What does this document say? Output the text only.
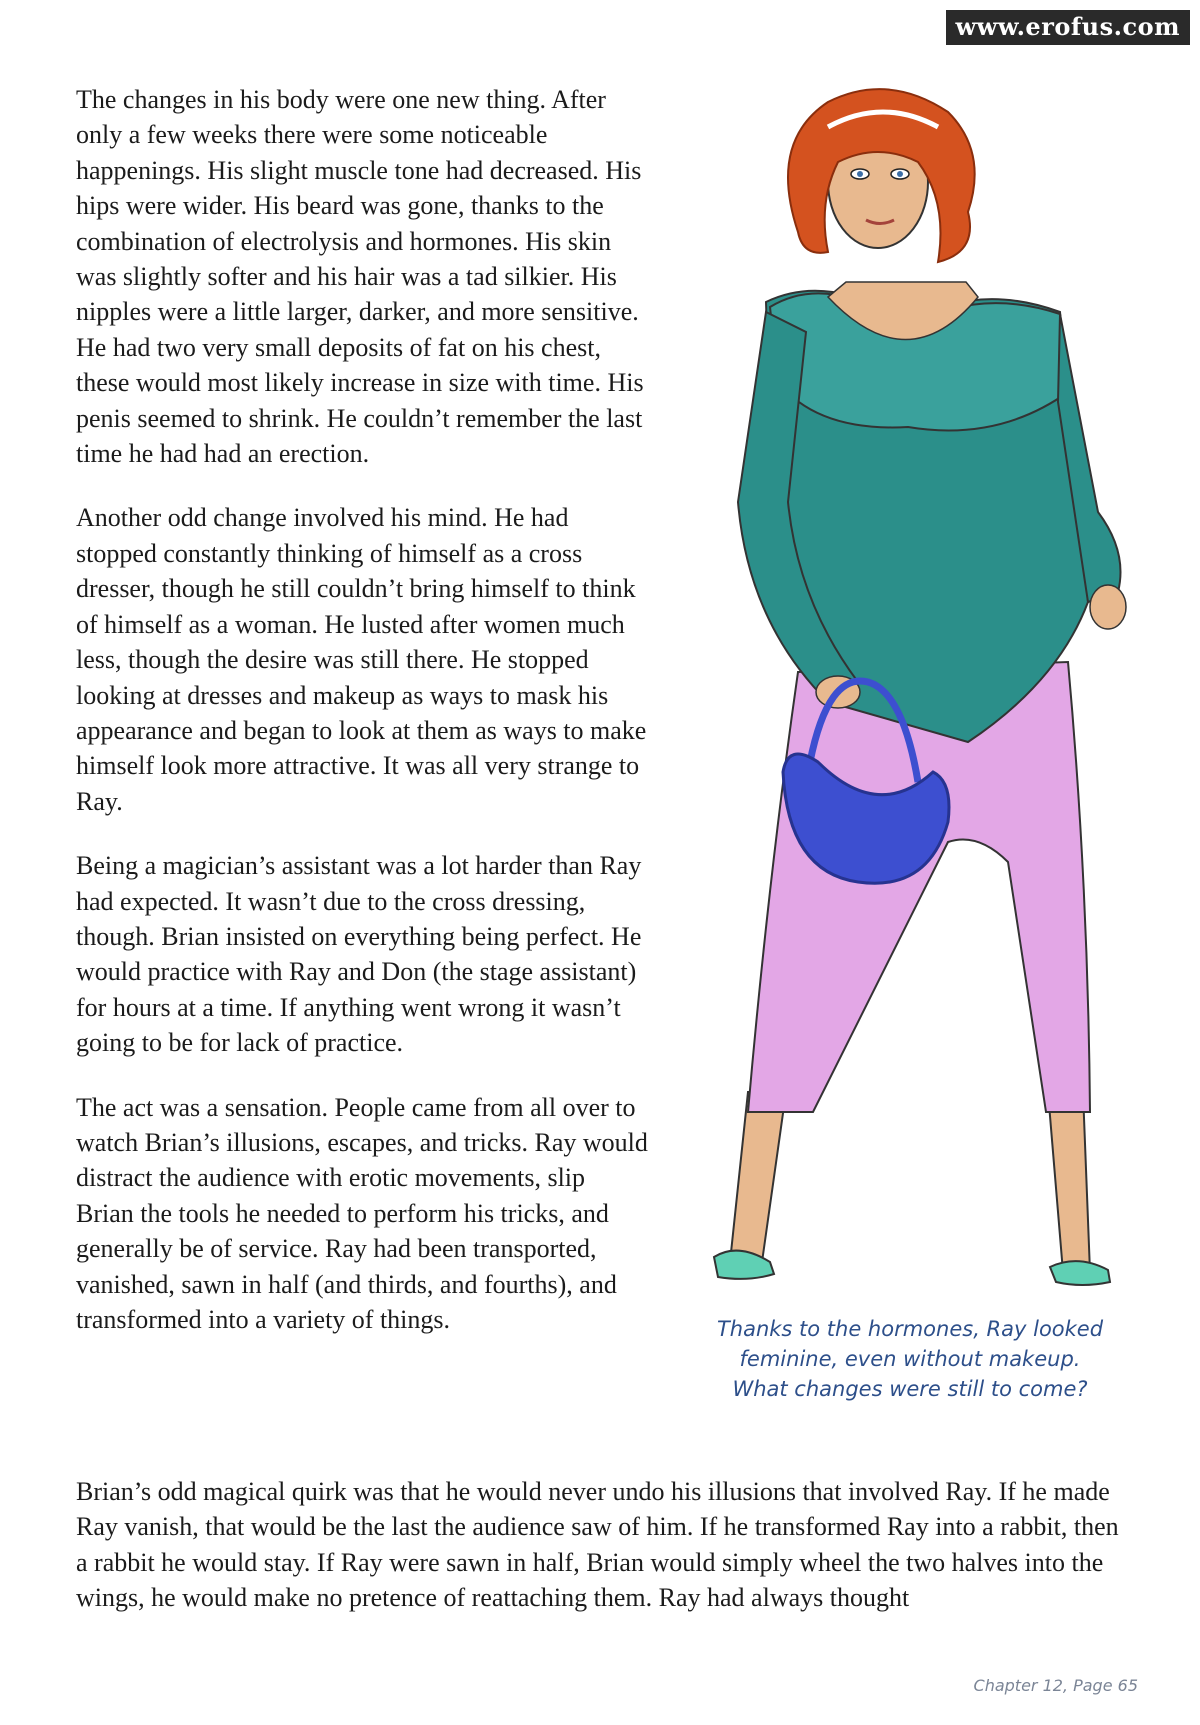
www.erofus.com

The changes in his body were one new thing. After only a few weeks there were some noticeable happenings. His slight muscle tone had decreased. His hips were wider. His beard was gone, thanks to the combination of electrolysis and hormones. His skin was slightly softer and his hair was a tad silkier. His nipples were a little larger, darker, and more sensitive. He had two very small deposits of fat on his chest, these would most likely increase in size with time. His penis seemed to shrink. He couldn’t remember the last time he had had an erection.

Another odd change involved his mind. He had stopped constantly thinking of himself as a cross dresser, though he still couldn’t bring himself to think of himself as a woman. He lusted after women much less, though the desire was still there. He stopped looking at dresses and makeup as ways to mask his appearance and began to look at them as ways to make himself look more attractive. It was all very strange to Ray.

Being a magician’s assistant was a lot harder than Ray had expected. It wasn’t due to the cross dressing, though. Brian insisted on everything being perfect. He would practice with Ray and Don (the stage assistant) for hours at a time. If anything went wrong it wasn’t going to be for lack of practice.

The act was a sensation. People came from all over to watch Brian’s illusions, escapes, and tricks. Ray would distract the audience with erotic movements, slip Brian the tools he needed to perform his tricks, and generally be of service. Ray had been transported, vanished, sawn in half (and thirds, and fourths), and transformed into a variety of things.	Thanks to the hormones, Ray looked
feminine, even without makeup.
What changes were still to come?

Brian’s odd magical quirk was that he would never undo his illusions that involved Ray. If he made Ray vanish, that would be the last the audience saw of him. If he transformed Ray into a rabbit, then a rabbit he would stay. If Ray were sawn in half, Brian would simply wheel the two halves into the wings, he would make no pretence of reattaching them. Ray had always thought

Chapter 12, Page 65
